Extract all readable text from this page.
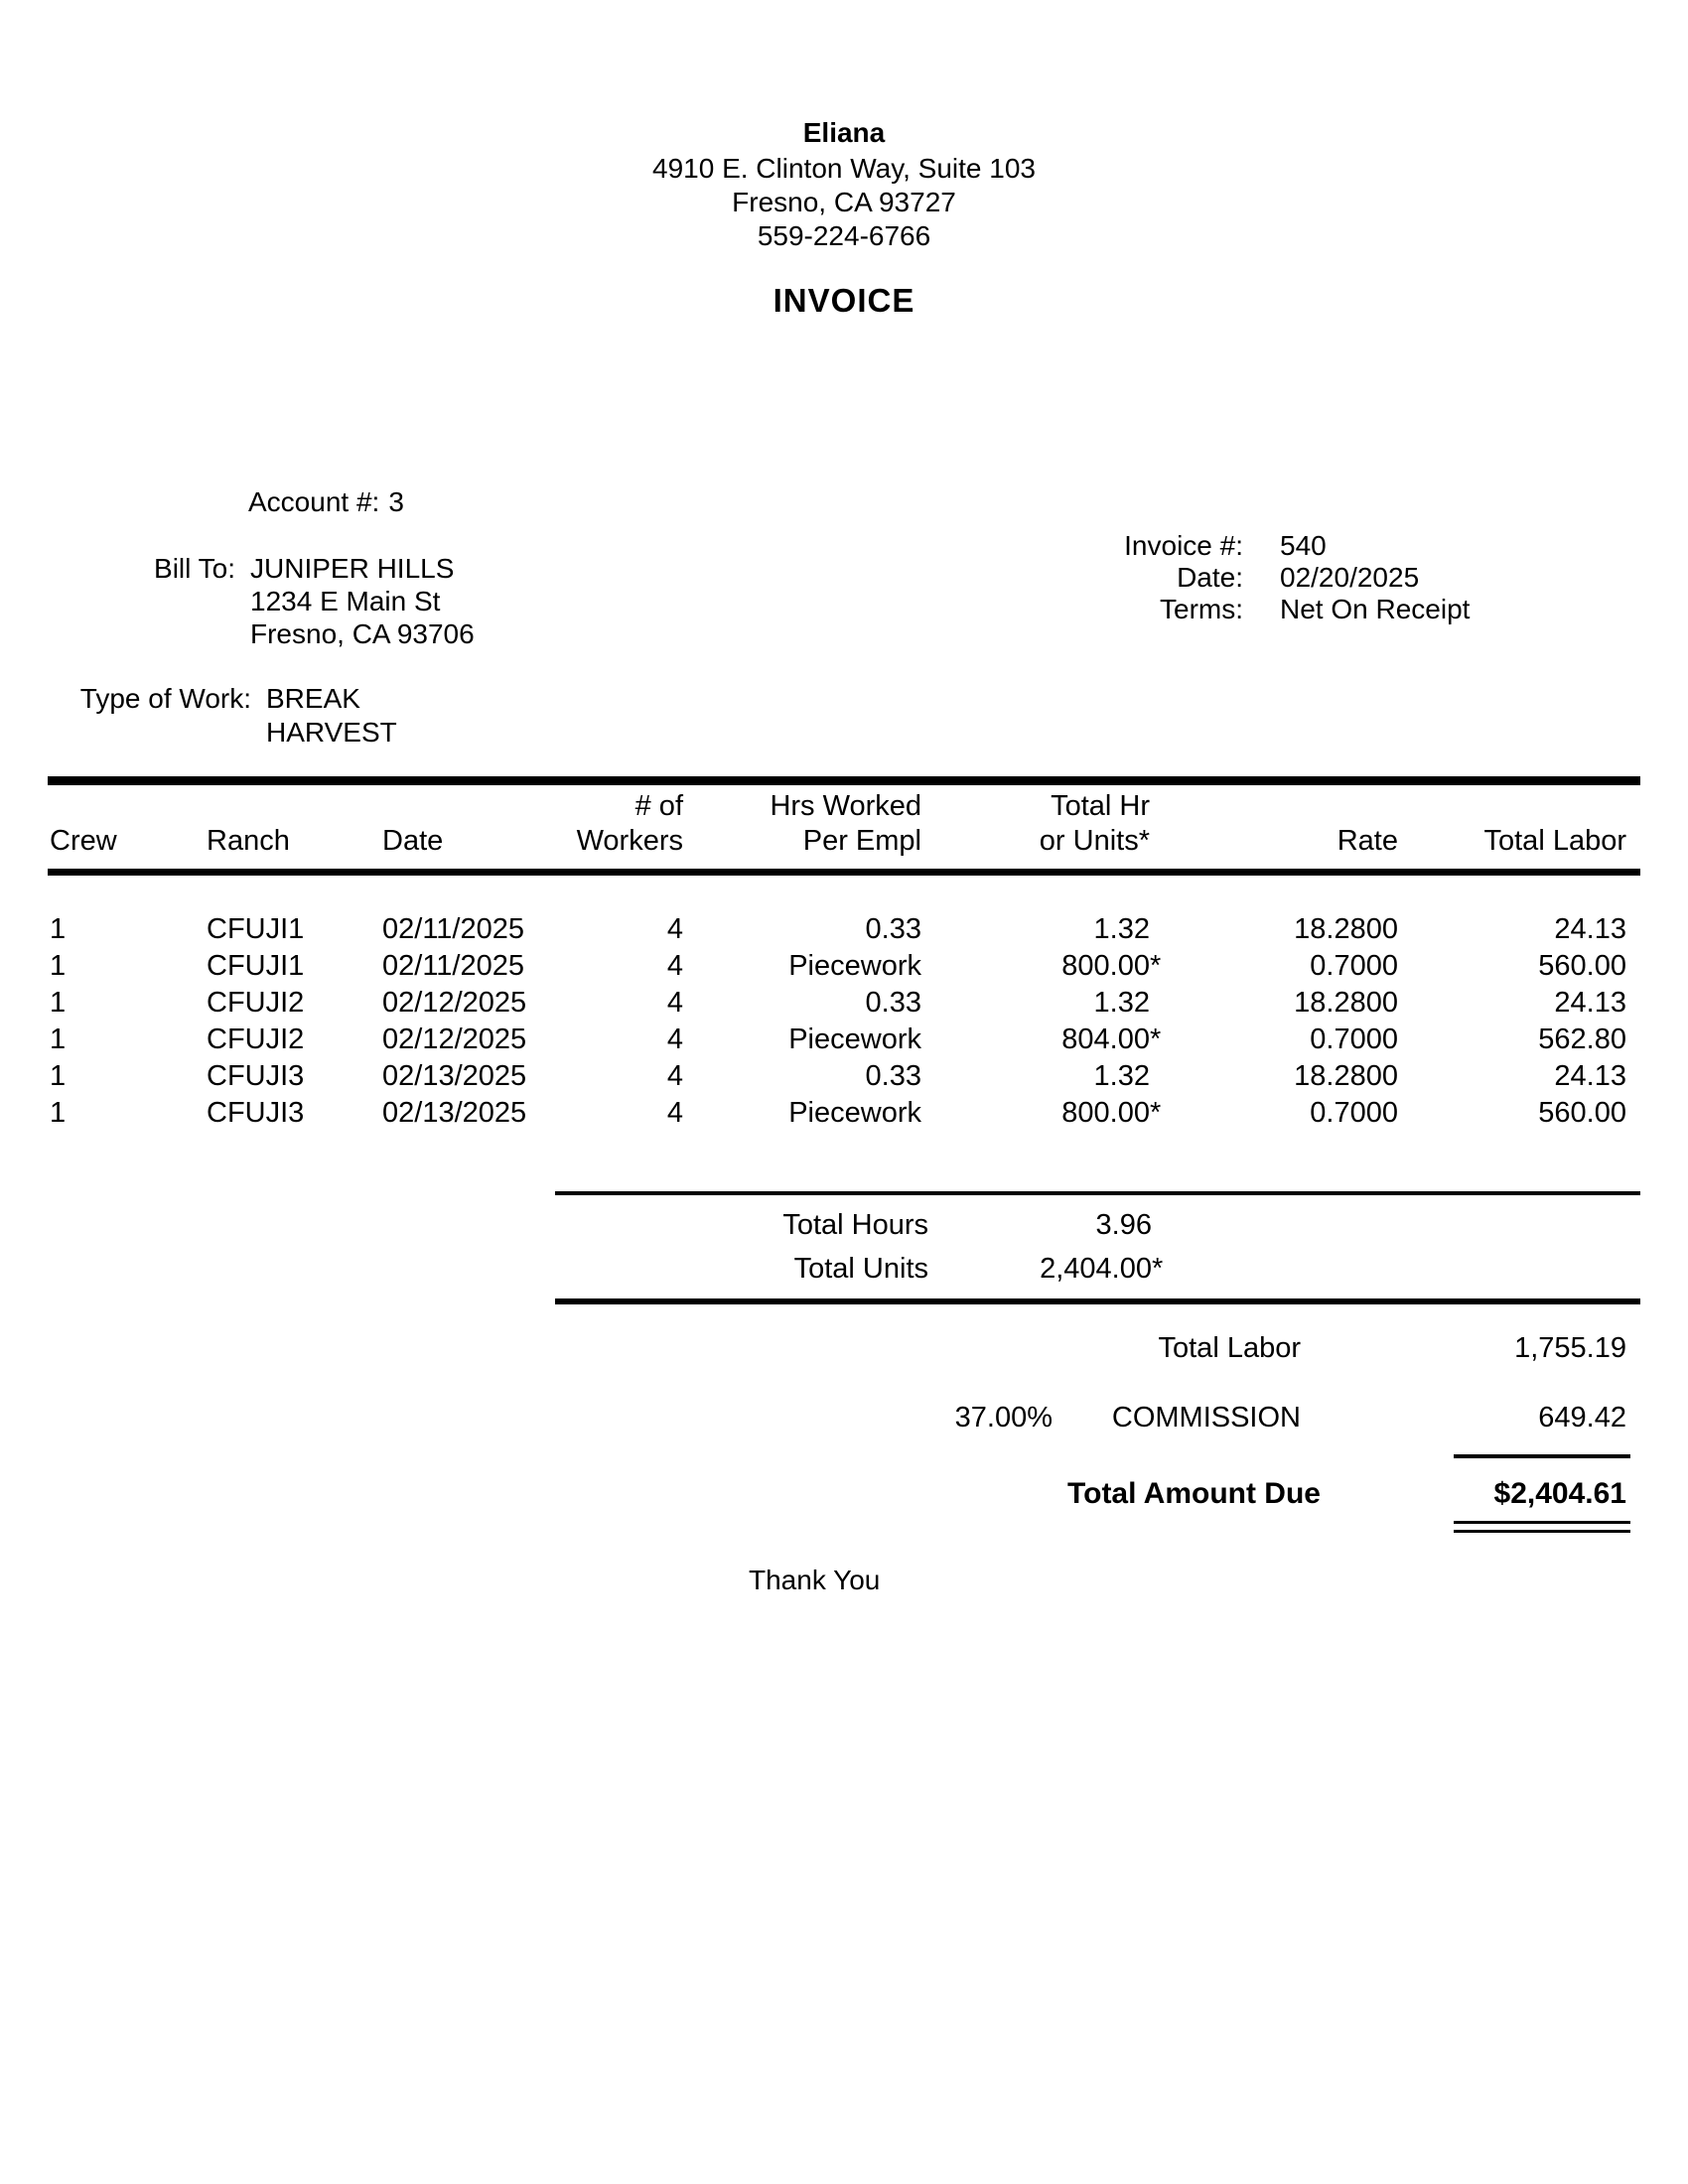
Eliana
4910 E. Clinton Way, Suite 103
Fresno, CA 93727
559-224-6766
INVOICE
Account #: 3
Bill To: JUNIPER HILLS
1234 E Main St
Fresno, CA 93706
Type of Work: BREAK
HARVEST
Invoice #: 540
Date: 02/20/2025
Terms: Net On Receipt
# of	Hrs Worked	Total Hr
Crew	Ranch	Date	Workers	Per Empl	or Units*	Rate	Total Labor
1	CFUJI1	02/11/2025	4	0.33	1.32	18.2800	24.13
1	CFUJI1	02/11/2025	4	Piecework	800.00 *	0.7000	560.00
1	CFUJI2	02/12/2025	4	0.33	1.32	18.2800	24.13
1	CFUJI2	02/12/2025	4	Piecework	804.00 *	0.7000	562.80
1	CFUJI3	02/13/2025	4	0.33	1.32	18.2800	24.13
1	CFUJI3	02/13/2025	4	Piecework	800.00 *	0.7000	560.00
Total Hours	3.96
Total Units	2,404.00 *
Total Labor	1,755.19
37.00% COMMISSION	649.42
Total Amount Due	$2,404.61
Thank You
